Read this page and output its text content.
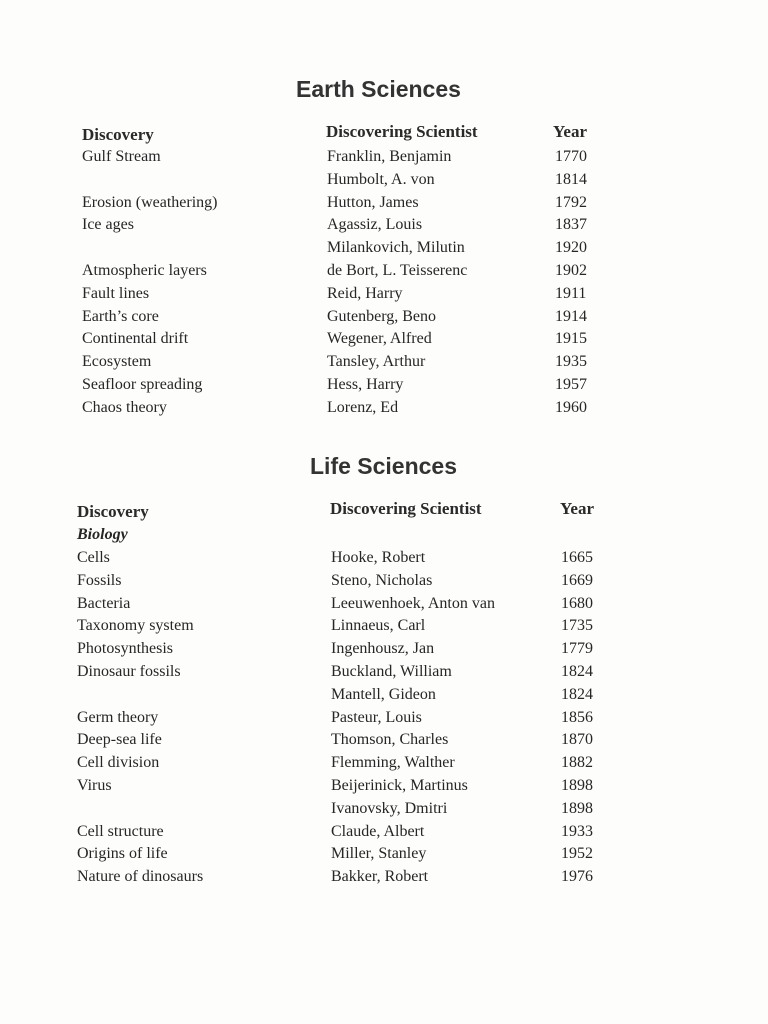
Earth Sciences
Discovery	Discovering Scientist	Year
Gulf Stream	Franklin, Benjamin	1770
Humbolt, A. von	1814
Erosion (weathering)	Hutton, James	1792
Ice ages	Agassiz, Louis	1837
Milankovich, Milutin	1920
Atmospheric layers	de Bort, L. Teisserenc	1902
Fault lines	Reid, Harry	1911
Earth’s core	Gutenberg, Beno	1914
Continental drift	Wegener, Alfred	1915
Ecosystem	Tansley, Arthur	1935
Seafloor spreading	Hess, Harry	1957
Chaos theory	Lorenz, Ed	1960
Life Sciences
Discovery	Discovering Scientist	Year
Biology
Cells	Hooke, Robert	1665
Fossils	Steno, Nicholas	1669
Bacteria	Leeuwenhoek, Anton van	1680
Taxonomy system	Linnaeus, Carl	1735
Photosynthesis	Ingenhousz, Jan	1779
Dinosaur fossils	Buckland, William	1824
Mantell, Gideon	1824
Germ theory	Pasteur, Louis	1856
Deep-sea life	Thomson, Charles	1870
Cell division	Flemming, Walther	1882
Virus	Beijerinick, Martinus	1898
Ivanovsky, Dmitri	1898
Cell structure	Claude, Albert	1933
Origins of life	Miller, Stanley	1952
Nature of dinosaurs	Bakker, Robert	1976
